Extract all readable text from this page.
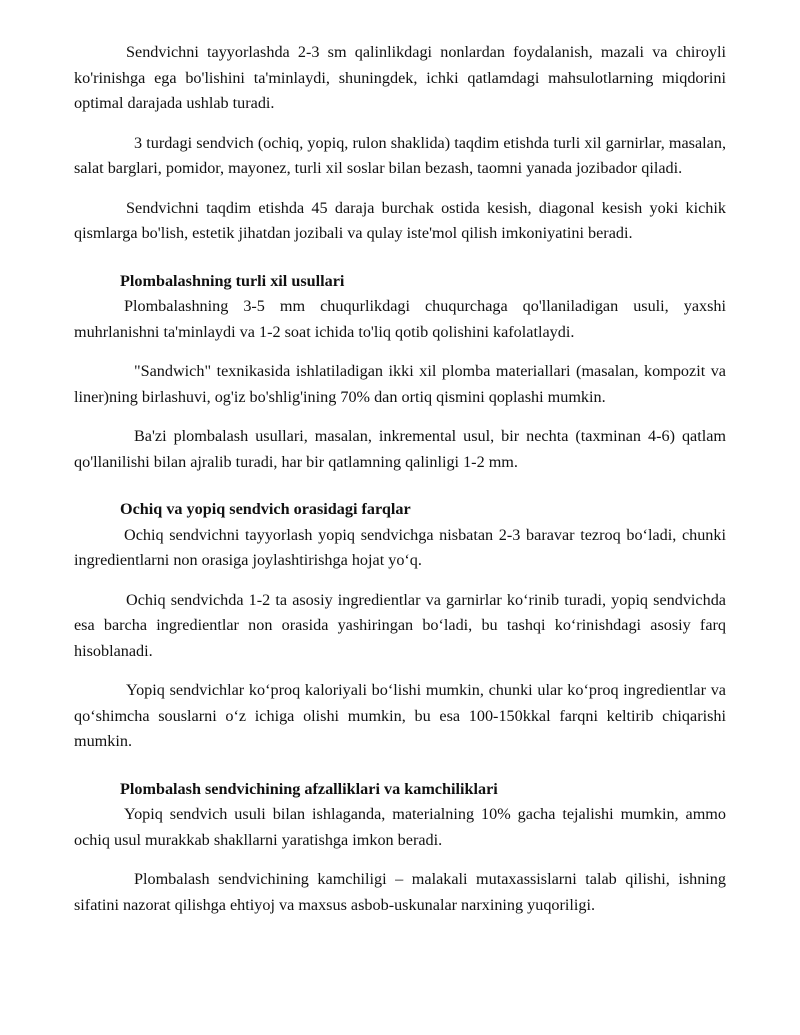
Sendvichni tayyorlashda 2-3 sm qalinlikdagi nonlardan foydalanish, mazali va chiroyli ko'rinishga ega bo'lishini ta'minlaydi, shuningdek, ichki qatlamdagi mahsulotlarning miqdorini optimal darajada ushlab turadi.

3 turdagi sendvich (ochiq, yopiq, rulon shaklida) taqdim etishda turli xil garnirlar, masalan, salat barglari, pomidor, mayonez, turli xil soslar bilan bezash, taomni yanada jozibador qiladi.

Sendvichni taqdim etishda 45 daraja burchak ostida kesish, diagonal kesish yoki kichik qismlarga bo'lish, estetik jihatdan jozibali va qulay iste'mol qilish imkoniyatini beradi.

Plombalashning turli xil usullari

Plombalashning 3-5 mm chuqurlikdagi chuqurchaga qo'llaniladigan usuli, yaxshi muhrlanishni ta'minlaydi va 1-2 soat ichida to'liq qotib qolishini kafolatlaydi.

"Sandwich" texnikasida ishlatiladigan ikki xil plomba materiallari (masalan, kompozit va liner)ning birlashuvi, og'iz bo'shlig'ining 70% dan ortiq qismini qoplashi mumkin.

Ba'zi plombalash usullari, masalan, inkremental usul, bir nechta (taxminan 4-6) qatlam qo'llanilishi bilan ajralib turadi, har bir qatlamning qalinligi 1-2 mm.

Ochiq va yopiq sendvich orasidagi farqlar

Ochiq sendvichni tayyorlash yopiq sendvichga nisbatan 2-3 baravar tezroq bo‘ladi, chunki ingredientlarni non orasiga joylashtirishga hojat yo‘q.

Ochiq sendvichda 1-2 ta asosiy ingredientlar va garnirlar ko‘rinib turadi, yopiq sendvichda esa barcha ingredientlar non orasida yashiringan bo‘ladi, bu tashqi ko‘rinishdagi asosiy farq hisoblanadi.

Yopiq sendvichlar ko‘proq kaloriyali bo‘lishi mumkin, chunki ular ko‘proq ingredientlar va qo‘shimcha souslarni o‘z ichiga olishi mumkin, bu esa 100-150kkal farqni keltirib chiqarishi mumkin.

Plombalash sendvichining afzalliklari va kamchiliklari

Yopiq sendvich usuli bilan ishlaganda, materialning 10% gacha tejalishi mumkin, ammo ochiq usul murakkab shakllarni yaratishga imkon beradi.

Plombalash sendvichining kamchiligi – malakali mutaxassislarni talab qilishi, ishning sifatini nazorat qilishga ehtiyoj va maxsus asbob-uskunalar narxining yuqoriligi.
